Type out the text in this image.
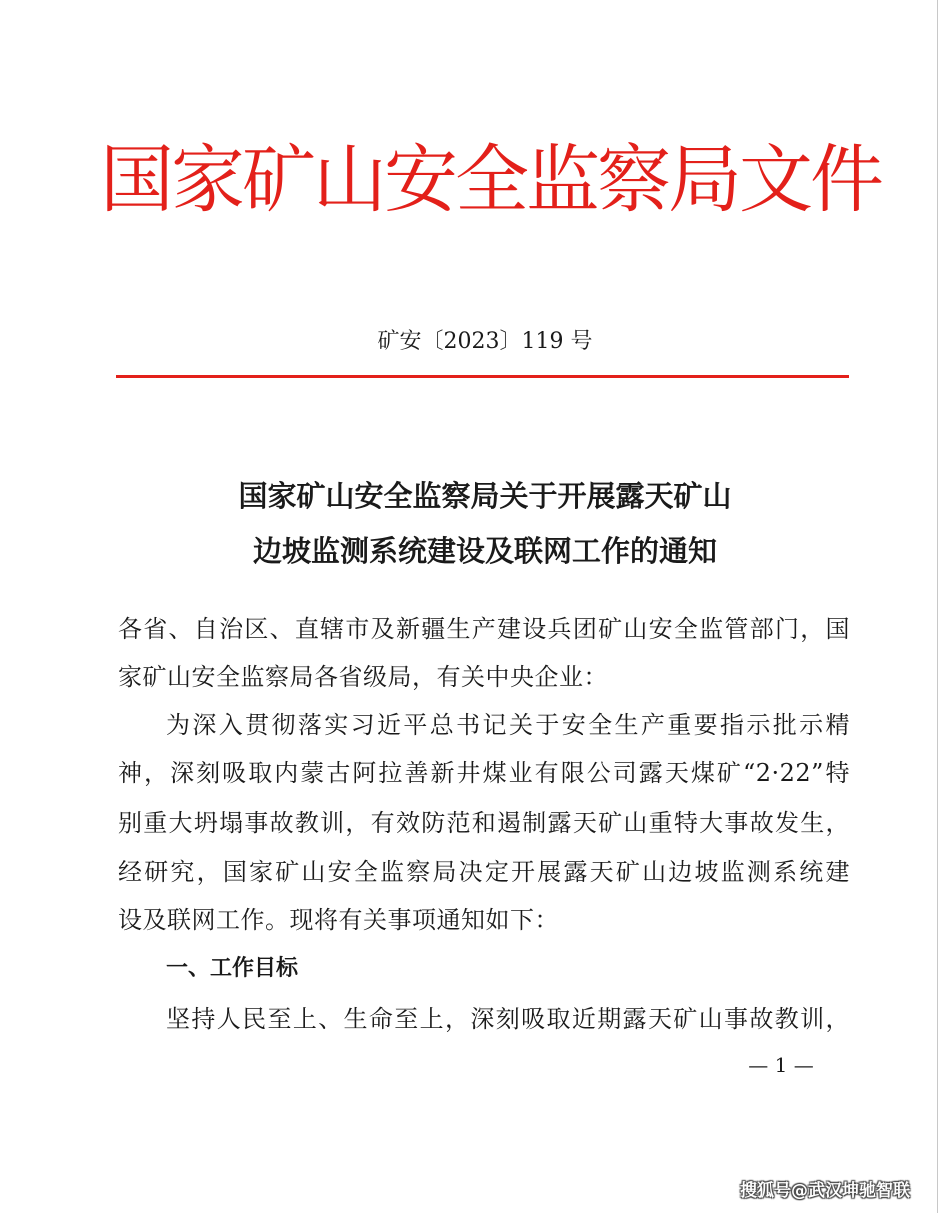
国家矿山安全监察局文件
矿安〔2023〕119 号
国家矿山安全监察局关于开展露天矿山
边坡监测系统建设及联网工作的通知
各省、自治区、直辖市及新疆生产建设兵团矿山安全监管部门，国
家矿山安全监察局各省级局，有关中央企业：
为深入贯彻落实习近平总书记关于安全生产重要指示批示精
神，深刻吸取内蒙古阿拉善新井煤业有限公司露天煤矿“2·22”特
别重大坍塌事故教训，有效防范和遏制露天矿山重特大事故发生，
经研究，国家矿山安全监察局决定开展露天矿山边坡监测系统建
设及联网工作。现将有关事项通知如下：
一、工作目标
坚持人民至上、生命至上，深刻吸取近期露天矿山事故教训，
— 1 —
搜狐号@武汉坤驰智联
